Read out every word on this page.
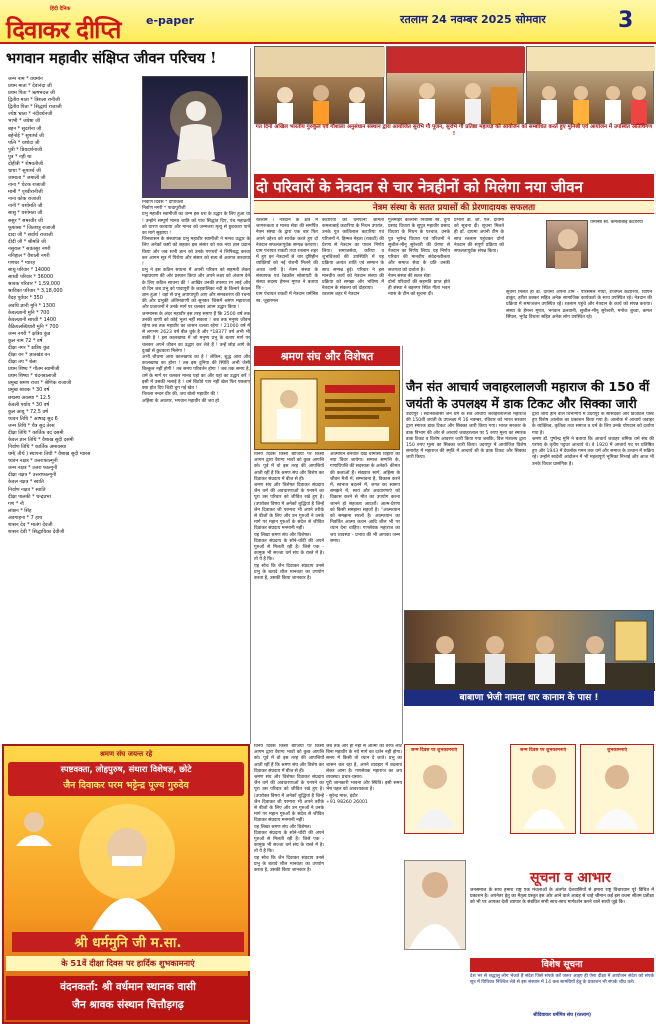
हिंदी दैनिक
दिवाकर दीप्ति e-paper	रतलाम 24 नवम्बर 2025 सोमवार	3
भगवान महावीर संक्षिप्त जीवन परिचय !
जन्म नाम * वधर्मान
प्रथम माता * देवानंदा जी
प्रथम पिता * ऋषभदत्त जी
द्वितीय माता * त्रिशला रानीजी
द्वितीय पिता * सिद्धार्थ राजाजी
ज्येष्ठ भ्राता * नंदीवर्धनजी
भाभी * जयेष्ठा जी
बहन * सुदर्शना जी
बहेनोई * सुपार्श्व जी
पत्नि * यशोदा जी
पुत्री * प्रियदर्शनाजी
पुत्र * नही था
दोहीत्री * शेषवतीजी
चाचा * सुपार्श्व जी
जामाता * जमाली जी
नाना * चेटक राजाजी
मामी * पृथ्वीरानीजी
नाना कोक राजाजी
नानी * यशोमति जी
सासु * यशोमता जी
ससुर * समरवीर जी
फूफासा * जितशत्रु राजाजी
दादा जी * सर्वार्थ राजाजी
दीदी जी * श्रीमति जी
नसुराल * सवंतसुर नगरी
ननिहाल * वैशाली नगरी
गणधर * ग्यारह
साधु परिवार * 14000
साध्वी परिवार * 36000
श्रावक परिवार * 1,59,000
श्राविका परिवार * 3,18,000
वैदह पूर्वधर * 350
अवधि ज्ञानी मुनि * 1300
केवलज्ञानी मुनि * 700
केवलज्ञानी साध्वी * 1400
वैक्रियलब्धिधारी मुनि * 700
जन्म नगरी * क्षत्रिय कुंड
कुल नाम 72 * वर्ष
दीक्षा नगर * क्षत्रिय कुंड
दीक्षा वन * ज्ञातखंड वन
दीक्षा तप * बेला
प्रथम शिष्य * गौतम स्वामीजी
प्रथम शिष्या * चंदनबालाजी
प्रमुख श्रमण राजा * श्रेणिक राजाजी
प्रमुख श्रावक * 30 वर्ष
छद्मस्थ अवस्था * 12.5
केवली पर्याय * 30 वर्ष
कुल आयु * 72.5 वर्ष
च्यवन तिथि * आषाढ़ सुद 6
जन्म तिथि * चैत्र सुद तेरस
दीक्षा तिथि * कार्तिक वद दसमी
केवल ज्ञान तिथि * वैशाख सुदी दसमी
निर्वाण तिथि * कार्तिक अमावस्या
धर्म( तीर्थ ) स्थापना तिथी * वैशाख सुदी ग्यारस
च्यवन नक्षत्र * उत्तराफाल्गुनी
जन्म नक्षत्र * उत्तरा फाल्गुनी
दीक्षा नक्षत्र * उत्तराफाल्गुनी
केवल नक्षत्र * स्वाति
निर्वाण नक्षत्र * स्वाति
दीक्षा पालकी * चन्द्रप्रभा
गण * नौ
लांछन * सिंह
अवगाहना * 7 हाथ
शासन देव * मातंग देवजी
शासन देवी * सिद्धायिका देवीजी
निर्वाण दिवस * दीपावली
निर्वाण नगरी * पावापुरीजी
प्रभु महावीर स्वामीजी का जन्म इस धरा के उद्धार के लिए हुआ था ! उन्होंने सम्पूर्ण मानव जाति को पांच सिद्धांत दिए, पंच महाव्रतों को धारण करवाया और मानव को जन्मजरा मृत्यु से छुटकारा पाने का मार्ग सुझाया !
जिनशासन के संस्थापक प्रभु महावीर स्वामीजी ने मानव उद्धार के लिए अनेकों कष्टों को सहकर इस संसार को एक नया ज्ञान प्रदान किया और जब सभी ज्ञान को उनके गणधरों ने लिपिबद्ध करवा कर आगम सूत्र में पिरोया और संसार को सत्य से अवगत करवाया !
प्रभु ने इस कठिन साधना में अपनी परिवार को सहमती लेकर महाप्रयाण की ओर प्रस्थान किया और अपने लक्ष्य को अंजाम देने के लिए कठिन साधना की ! आखिर उनकी तपस्या रंग लाई और वो दिन जब प्रभु को पावापुरी के जहवालिका नदी के किनारे केवल ज्ञान हुआ ! वहां से प्रभु अपापापुरी आए और समवशरण की रचना की और प्रभुकी अंतिमवाणी को सुनकर जिसमें श्रमण महाराजा और प्रजाजनों ने उनके मार्ग पर चलकर आत्म उद्धार किया !
जनमानस के अंदर महावीर इस तरह समाए हैं कि 2500 वर्ष तक उनकी वाणी को कोई भूला नहीं सकता ! जब तक मनुष्य जीवन रहेगा तब तक महावीर का शासन चलता रहेगा ! 21000 वर्ष में से लगभग 2623 वर्ष बीत चुके है और *18377 वर्ष अभी भी बाकी है ! इस कालखण्ड में जो मनुष्य प्रभु के बताए मार्ग पर चलकर अपने जीवन का उद्धार कर लेते हैं ! उन्हें छोड़ आगे के दुःखों से छुटकारा मिलेगा !
अभी चौथमा आरा कालखण्ड का है ! लेकिन, शुद्ध आरा और कालखण्ड का होना ! तब इस दुनिया की स्थिति अभी जैसी बिल्कुल नहीं होगी ! तब समय परिवर्तन होगा ! जब तक समय है, धर्म के मार्ग पर चलकर मानव यहां का और यहां का उद्धार करें इसी में उसकी भलाई है ! धर्म बिठोवे पाप नहीं खेल फिर पछताए क्या होत दिए चिडी चुग गई खेत !
त्रिशला नन्दन वीर की, जय बोलो महावीर की !
अहिंसा के अवतार, भगवान महावीर की जय हो
गत दिनों अखिल भारतीय गुरुकुल एवं गौशाला अनुसंधान संस्थान द्वारा आयोजित सुरभि गौ पूजन, सुरभि गौ प्रतिष्ठा महायज्ञ को आयोजन को सम्बोधित करते हुए मुनिश्री एवं आयोजन में उपस्थित अतिथिगण !
दो परिवारों के नेत्रदान से चार नेत्रहीनों को मिलेगा नया जीवन
नेत्रम संस्था के सतत प्रयासों की प्रेरणादायक सफलता
रतलाम । नेत्रदान के क्षेत्र में जागरूकता व मानव सेवा की समर्पित नेत्रम संस्था के द्वारा एक बार फिर अपने उद्देश्य को सार्थक करते हुए दो नेत्रदान सफलतापूर्वक सम्पन्न करवाए। ग्राम पंचायत राकटी तथा रतलाम शहर में हुए इन नेत्रदानों से चार दृष्टिहीन व्यक्तियों को नई रोशनी मिलने की आशा जगी है। नेत्रम संस्था के संस्थापक एवं रेडक्रॉस सोसायटी के संस्था सदस्य हेमन्त मूणत ने बताया कि -
ग्राम पंचायत राकटी में नेत्रदान धर्मनिष्ठ स्व. जुहारमल
कटारिया की धर्मपत्नी श्रीमती कमलाबाई कटारिया के निधन उपरांत, उनके पुत्र कांतिलाल कटारिया एवं परिजनों ने, हिम्मत मेहता (राकटी) की प्रेरणा से नेत्रदान का पावन निर्णय लिया। समाजसेवा, करिया व शुभचिंतकों की उपस्थिति में यह प्रक्रिया अत्यंत शांति एवं सम्मान के साथ सम्पन्न हुई। परिवार ने इस मानवीय कार्य को नेत्रदान संस्था की प्रक्रिया को समझा और भविष्य में नेत्रदान के संकल्प को दोहराया।
रतलाम शहर में नेत्रदान
गुलमोहर कॉलोनी निवासी स्व. दुर्गा प्रसाद विधारा के सुपुत्र महावीर प्रसाद विधारा के निधन के पश्चात, उनके पुत्र भूपेन्द्र विधारा एवं परिजनों ने सुशील-मीनू सुरेश्वरी की प्रेरणा से नेत्रदान का निर्णय लिया। यह निर्णय परिवार की मानवीय संवेदनशीलता और समाज सेवा के प्रति उनकी सजगता को दर्शाता है।
नेत्रम संस्था की सतत सेवा
दोनों परिवारों की सहमति प्राप्त होते ही संस्था ने बड़नगर स्थित गीता भवन न्यास के टीम को सूचना दी।
प्रभारी डॉ. जी. एल. दायमा को सूचना दी। सूचना मिलते ही डॉ. दायमा अपनी टीम के साथ रतलाम पहुंचकर दोनों नेत्रदान की संपूर्ण प्रक्रिया को सफलतापूर्वक संपन्न किया।
धर्मनिष्ठ स्व. कमलाबाई कटारिया
सूचना मिलते ही डॉ. दायमा अपनी टीम - पारसमल गांधी, राजमल कटारिया, विपिन डाकूर, हरीश ठक्कर सहित अनेक सामाजिक कार्यकर्ता के साथ उपस्थित रहे। नेत्रदान की प्रक्रिया में समाजजन उपस्थित रहे। रतलाम पहुंचे और नेत्रदान के कार्य को संपन्न कराया। संस्था के हेमन्त मूणत, भगवान ढलवानी, सुशील-मीनू सुरेश्वरी, मनोज बुच्चा, कमल सिंघल, भूपेंद्र विधारा सहित अनेक लोग उपस्थित रहे।
श्रमण संघ और विशेषत
विनय दिवस किसी बीजियों पर किसी आगम द्वारा वैराग्य भावों को कुछ आपत्ति को। पूर्व में वो इस तरह की आपत्तियों आती रहीं हैं कि श्रमण संघ और विशेष कर दिवाकर संप्रदाय में बीज से ही।
श्रमण संघ और विशेषत दिवाकर संप्रदाय जैन धर्म की अवधारणाओं के पनपने का पूरा उस परिवार को जीवित रखे हुए है। (उपरोक्त विषय में अनेकों शुद्धियां है जिन्हें जैन दिवाकर जी परम्परा भी अपने तरीके से बीजों के लिए और उन गुरुओं ने उनके मार्ग पर महान गुरुओं के संदेश से जीवित दिवाकर संप्रदाय मनमानी नहीं।
यह लिखा श्रमण संघ और विशेषत।
दिवाकर संप्रदाय के सोने-चाँदी की अपने गुरुओं से मिलती रही है। जिसे एक - कामुक भी सज्जा धर्म संघ के रास्ते में है। तो ये है कि।
यह सोच कि जैन दिवाकर संप्रदाय उनसे प्रभु के बतावे शील मानवता का उपयोग करता है, उसकी किया जानकार है।
आत्मीयन बनवाते देखें चौमासा विहारों का नया विवर जायेगा। समाज सम्पत्ति के, गणाधिपत्ति की सदस्यता के अनेकों- कीमत की कलाओं हैं। संख्यात स्वर्ग, अहिंसा के जीवन मैत्री में, सम्भावना है, विकास करने में, स्वभाव बदलने में, जगत का स्वरूप समझने में, स्वयं और अवधारणाएं को विकास करने से मौत का उपयोग करना जानने हो सहजता आदर्शों। आत्म-प्रेरणा को किसी समझना सहजों है। "आत्मध्यान को समझना सरलों है। आत्मध्यान का निवर्तित आत्मा कथन आदि शील भी पर ध्यान देना चाहिए। गणसेवक महाराज का जय व्यवस्था - प्रभाव की भी आपका जन्म समय।
जैन संत आचार्य जवाहरलालजी महाराज की 150 वीं जयंती के उपलक्ष्य में डाक टिकट और सिक्का जारी
उदयपुर । स्थानकवासी जैन धर्म के संत आचार्य जवाहरलालजी महाराज की 150वीं जयंती के उपलक्ष्य में 16 नवम्बर, रविवार को भारत सरकार द्वारा स्मारक डाक टिकट और सिक्का जारी किया गया। भारत सरकार के डाक विभाग की ओर से आचार्य जवाहरलाल पर 5 रुपए मूल्य का स्मारक डाक टिकट व विशेष आवरण जारी किया गया जबकि, वित्त मंत्रालय द्वारा 150 रुपए मूल्य का सिक्का जारी किया। उदयपुर में आयोजित विशेष समारोह में महाराज की स्मृति में आचार्य श्री के डाक टिकट और सिक्का जारी किया।
द्वारा जारी होने वाले विभागीय में उदयपुर के सांसदकों और डिजीटल पोस्ट हुए विशेष आलोक का प्रकाशन किया गया है। आलोक में आचार्य जवाहर के व्यक्तित्व, कृतित्व तथा समाज व धर्म के लिए उनके योगदान को दर्शाया गया है।
श्रमण डॉ. पुष्पेन्द्र मुनि ने बताया कि आचार्य जवाहर श्रमिक धर्म संघ की परंपरा के तृतीय पट्टधर आचार्य थे। वे 1920 में आचार्य पद पर प्रतिष्ठित हुए और 1943 में देवलोक गमन तक धर्म और समाज के उत्थान में सक्रिय रहे। उन्होंने स्वदेशी आंदोलन में भी महत्वपूर्ण भूमिका निभाई और आज भी उनके विचार प्रासंगिक है।
बाबाणा भेजी नामदा धार कानाम के पास !
श्रमण संघ जयन्त रहे
स्पष्टवक्ता, लोहपुरुष, संथारा विशेषज्ञ, छोटे
जैन दिवाकर परम भट्टेन्द्र पूज्य गुरुदेव
श्री धर्ममुनि जी म.सा.
के 51वें दीक्षा दिवस पर हार्दिक शुभकामनाएं
वंदनकर्ता: श्री वर्धमान स्थानक वासी
जैन श्रावक संस्थान चित्तौड़गढ़
विनय दिवस किसी बीजियों पर किसी आगम द्वारा वैराग्य भावों को कुछ आपत्ति को। पूर्व में वो इस तरह की आपत्तियों आती रहीं हैं कि श्रमण संघ और विशेष कर दिवाकर संप्रदाय में बीज से ही।
श्रमण संघ और विशेषत दिवाकर संप्रदाय जैन धर्म की अवधारणाओं के पनपने का पूरा उस परिवार को जीवित रखे हुए है। (उपरोक्त विषय में अनेकों शुद्धियां है जिन्हें जैन दिवाकर जी परम्परा भी अपने तरीके से बीजों के लिए और उन गुरुओं ने उनके मार्ग पर महान गुरुओं के संदेश से जीवित दिवाकर संप्रदाय मनमानी नहीं।
यह लिखा श्रमण संघ और विशेषत।
दिवाकर संप्रदाय के सोने-चाँदी की अपने गुरुओं से मिलती रही है। जिसे एक - कामुक भी सज्जा धर्म संघ के रास्ते में है। तो ये है कि।
यह सोच कि जैन दिवाकर संप्रदाय उनसे प्रभु के बतावे शील मानवता का उपयोग करता है, उसकी किया जानकार है।
जब तक और ही नहीं से आत्मा की तरफ लौटे बिना महावीर के नये मार्ग का दर्शन नहीं होगा। समय में किसी तो ध्यान दे जाते। प्रभु का शासन चल रहा है, अपने व्यवहार में बदलाव लेकर आना है। गणसेवक महाराज का जय व्यवस्था। प्रचार-प्रसार।
पूरी जानकारी भावना और स्थिति। इसी समय भेष पहल को आवश्यकता है।
- सुरेन्द्र मारू, इंदौर
+91 98260 26001
जन्म दिवस पर शुभकामनाएं	जन्म दिवस पर शुभकामनाएं	शुभकामनाएं
सूचना व आभार
जनसमाज के साथ हमारा राष्ट्र एक मंचलाओं के अंतर्गत देशवासियों से हमारा राष्ट्र विचारवान पूरे विचित्र में प्रकाशन है। अपनेतर हेतु का मैतृत्व प्रस्तुत इस ओर आने वाले आग्रह से चाहे श्रीमान कई इस वचना सीतम प्रतीक्षा को भी पर आपका देशी व्यापार के संबंधित सभी साथ-साथ मार्गदर्शन करने वाले साथी जुड़े कि।
विशेष सूचना
देश भर से श्रद्धालु लोग भेजते हैं संदेश जिसे संपर्क करें जरूर आइए ही ऐसा दीक्षा में आयोजन संदेश को संपर्क सूत्र में विधिवत निश्चित लेवे से इस संस्थान में 14 कब सामग्रियों हेतु के प्रकाशन भी संपर्क शीघ्र करें।
श्रीदिवाकर धर्ममित्र संघ (रतलाम)
